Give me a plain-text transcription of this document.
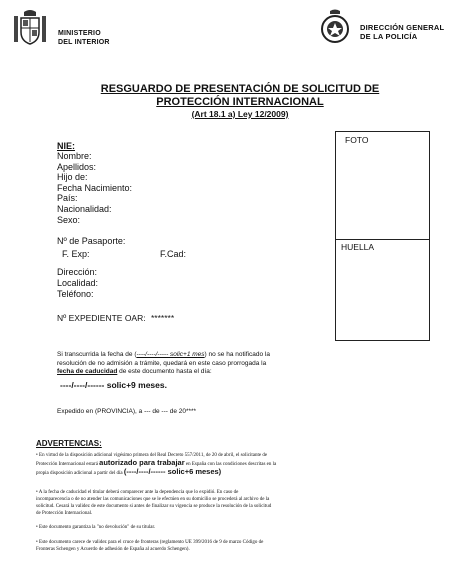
MINISTERIO
DEL INTERIOR
DIRECCIÓN GENERAL
DE LA POLICÍA
RESGUARDO DE PRESENTACIÓN DE SOLICITUD DE
PROTECCIÓN INTERNACIONAL
(Art 18.1 a) Ley 12/2009)
FOTO
HUELLA
NIE:
Nombre:
Apellidos:
Hijo de:
Fecha Nacimiento:
País:
Nacionalidad:
Sexo:
Nº de Pasaporte:
F. Exp:	F.Cad:
Dirección:
Localidad:
Teléfono:
Nº EXPEDIENTE OAR: *******
Si transcurrida la fecha de (----/----/----- solic+1 mes) no se ha notificado la
resolución de no admisión a trámite, quedará en este caso prorrogada la
fecha de caducidad de este documento hasta el día:
----/----/------ solic+9 meses.
Expedido en (PROVINCIA), a --- de --- de 20****
ADVERTENCIAS:
• En virtud de la disposición adicional vigésimo primera del Real Decreto 557/2011, de 20 de abril, el solicitante de
Protección Internacional estará autorizado para trabajar en España con las condiciones descritas en la
propia disposición adicional a partir del día (----/----/------ solic+6 meses)
• A la fecha de caducidad el titular deberá comparecer ante la dependencia que lo expidió. En caso de
incomparecencia o de no atender las comunicaciones que se le efectúen en su domicilio se procederá al archivo de la
solicitud. Cesará la validez de este documento si antes de finalizar su vigencia se produce la resolución de la solicitud
de Protección Internacional.
• Este documento garantiza la "no devolución" de su titular.
• Este documento carece de validez para el cruce de fronteras (reglamento UE 399/2016 de 9 de marzo Código de
Fronteras Schengen y Acuerdo de adhesión de España al acuerdo Schengen).
